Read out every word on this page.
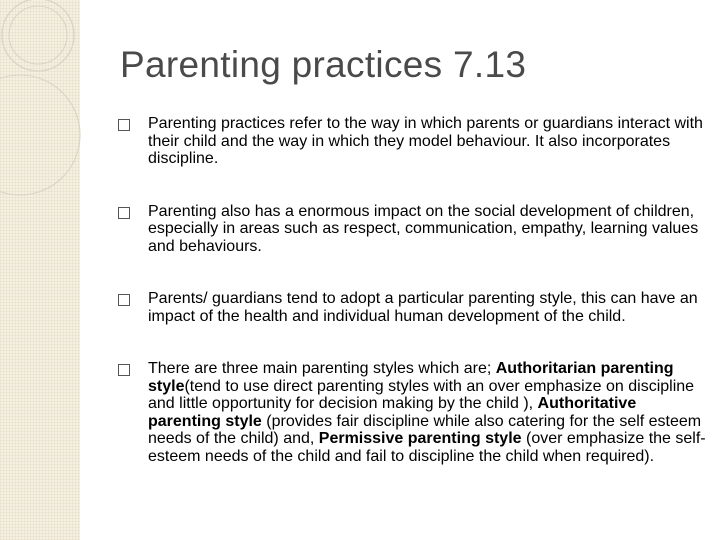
Parenting practices 7.13
Parenting practices refer to the way in which parents or guardians interact with their child and the way in which they model behaviour. It also incorporates discipline.
Parenting also has a enormous impact on the social development of children, especially in areas such as respect, communication, empathy, learning values and behaviours.
Parents/ guardians tend to adopt a particular parenting style, this can have an impact of the health and individual human development of the child.
There are three main parenting styles which are; Authoritarian parenting style(tend to use direct parenting styles with an over emphasize on discipline and little opportunity for decision making by the child ), Authoritative parenting style (provides fair discipline while also catering for the self esteem needs of the child) and, Permissive parenting style (over emphasize the self-esteem needs of the child and fail to discipline the child when required).
